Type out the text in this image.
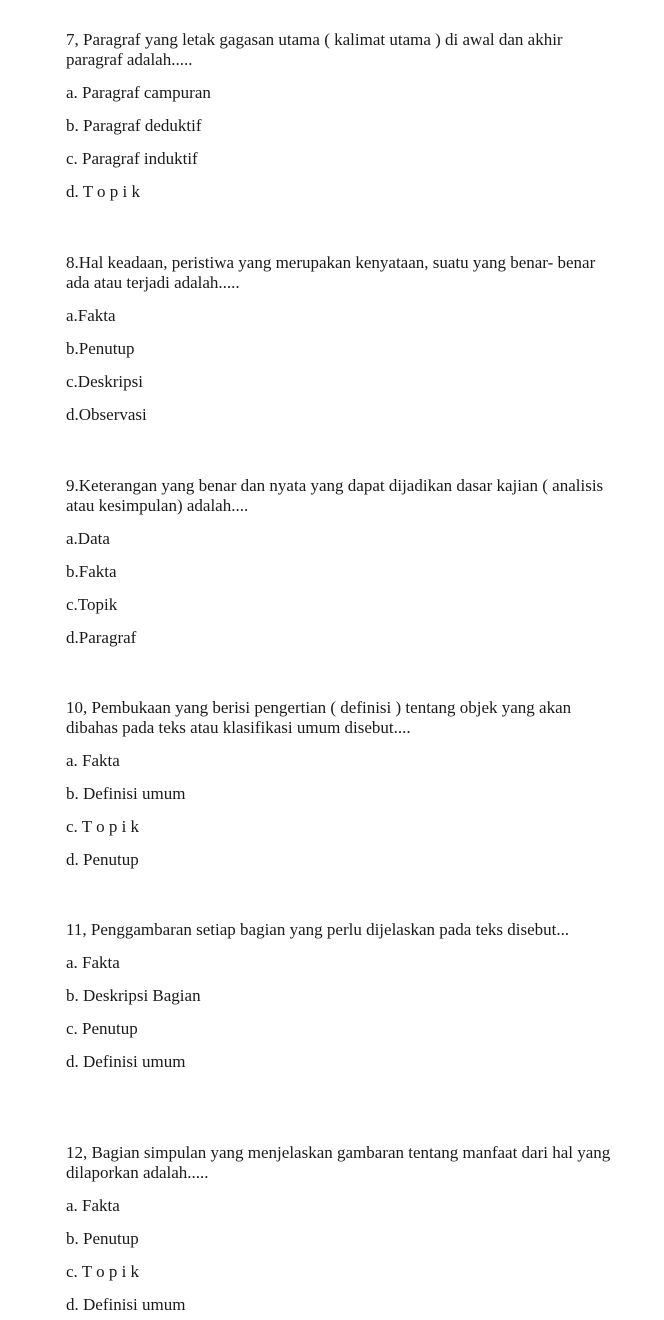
7, Paragraf yang letak gagasan utama ( kalimat utama ) di awal dan akhir paragraf adalah.....

a. Paragraf campuran

b. Paragraf deduktif

c. Paragraf induktif

d. T o p i k

8.Hal keadaan, peristiwa yang merupakan kenyataan, suatu yang benar- benar ada atau terjadi adalah.....

a.Fakta

b.Penutup

c.Deskripsi

d.Observasi

9.Keterangan yang benar dan nyata yang dapat dijadikan dasar kajian ( analisis atau kesimpulan) adalah....

a.Data

b.Fakta

c.Topik

d.Paragraf

10, Pembukaan yang berisi pengertian ( definisi ) tentang objek yang akan dibahas pada teks atau klasifikasi umum disebut....

a. Fakta

b. Definisi umum

c. T o p i k

d. Penutup

11, Penggambaran setiap bagian yang perlu dijelaskan pada teks disebut...

a. Fakta

b. Deskripsi Bagian

c. Penutup

d. Definisi umum

12, Bagian simpulan yang menjelaskan gambaran tentang manfaat dari hal yang dilaporkan adalah.....

a. Fakta

b. Penutup

c. T o p i k

d. Definisi umum
